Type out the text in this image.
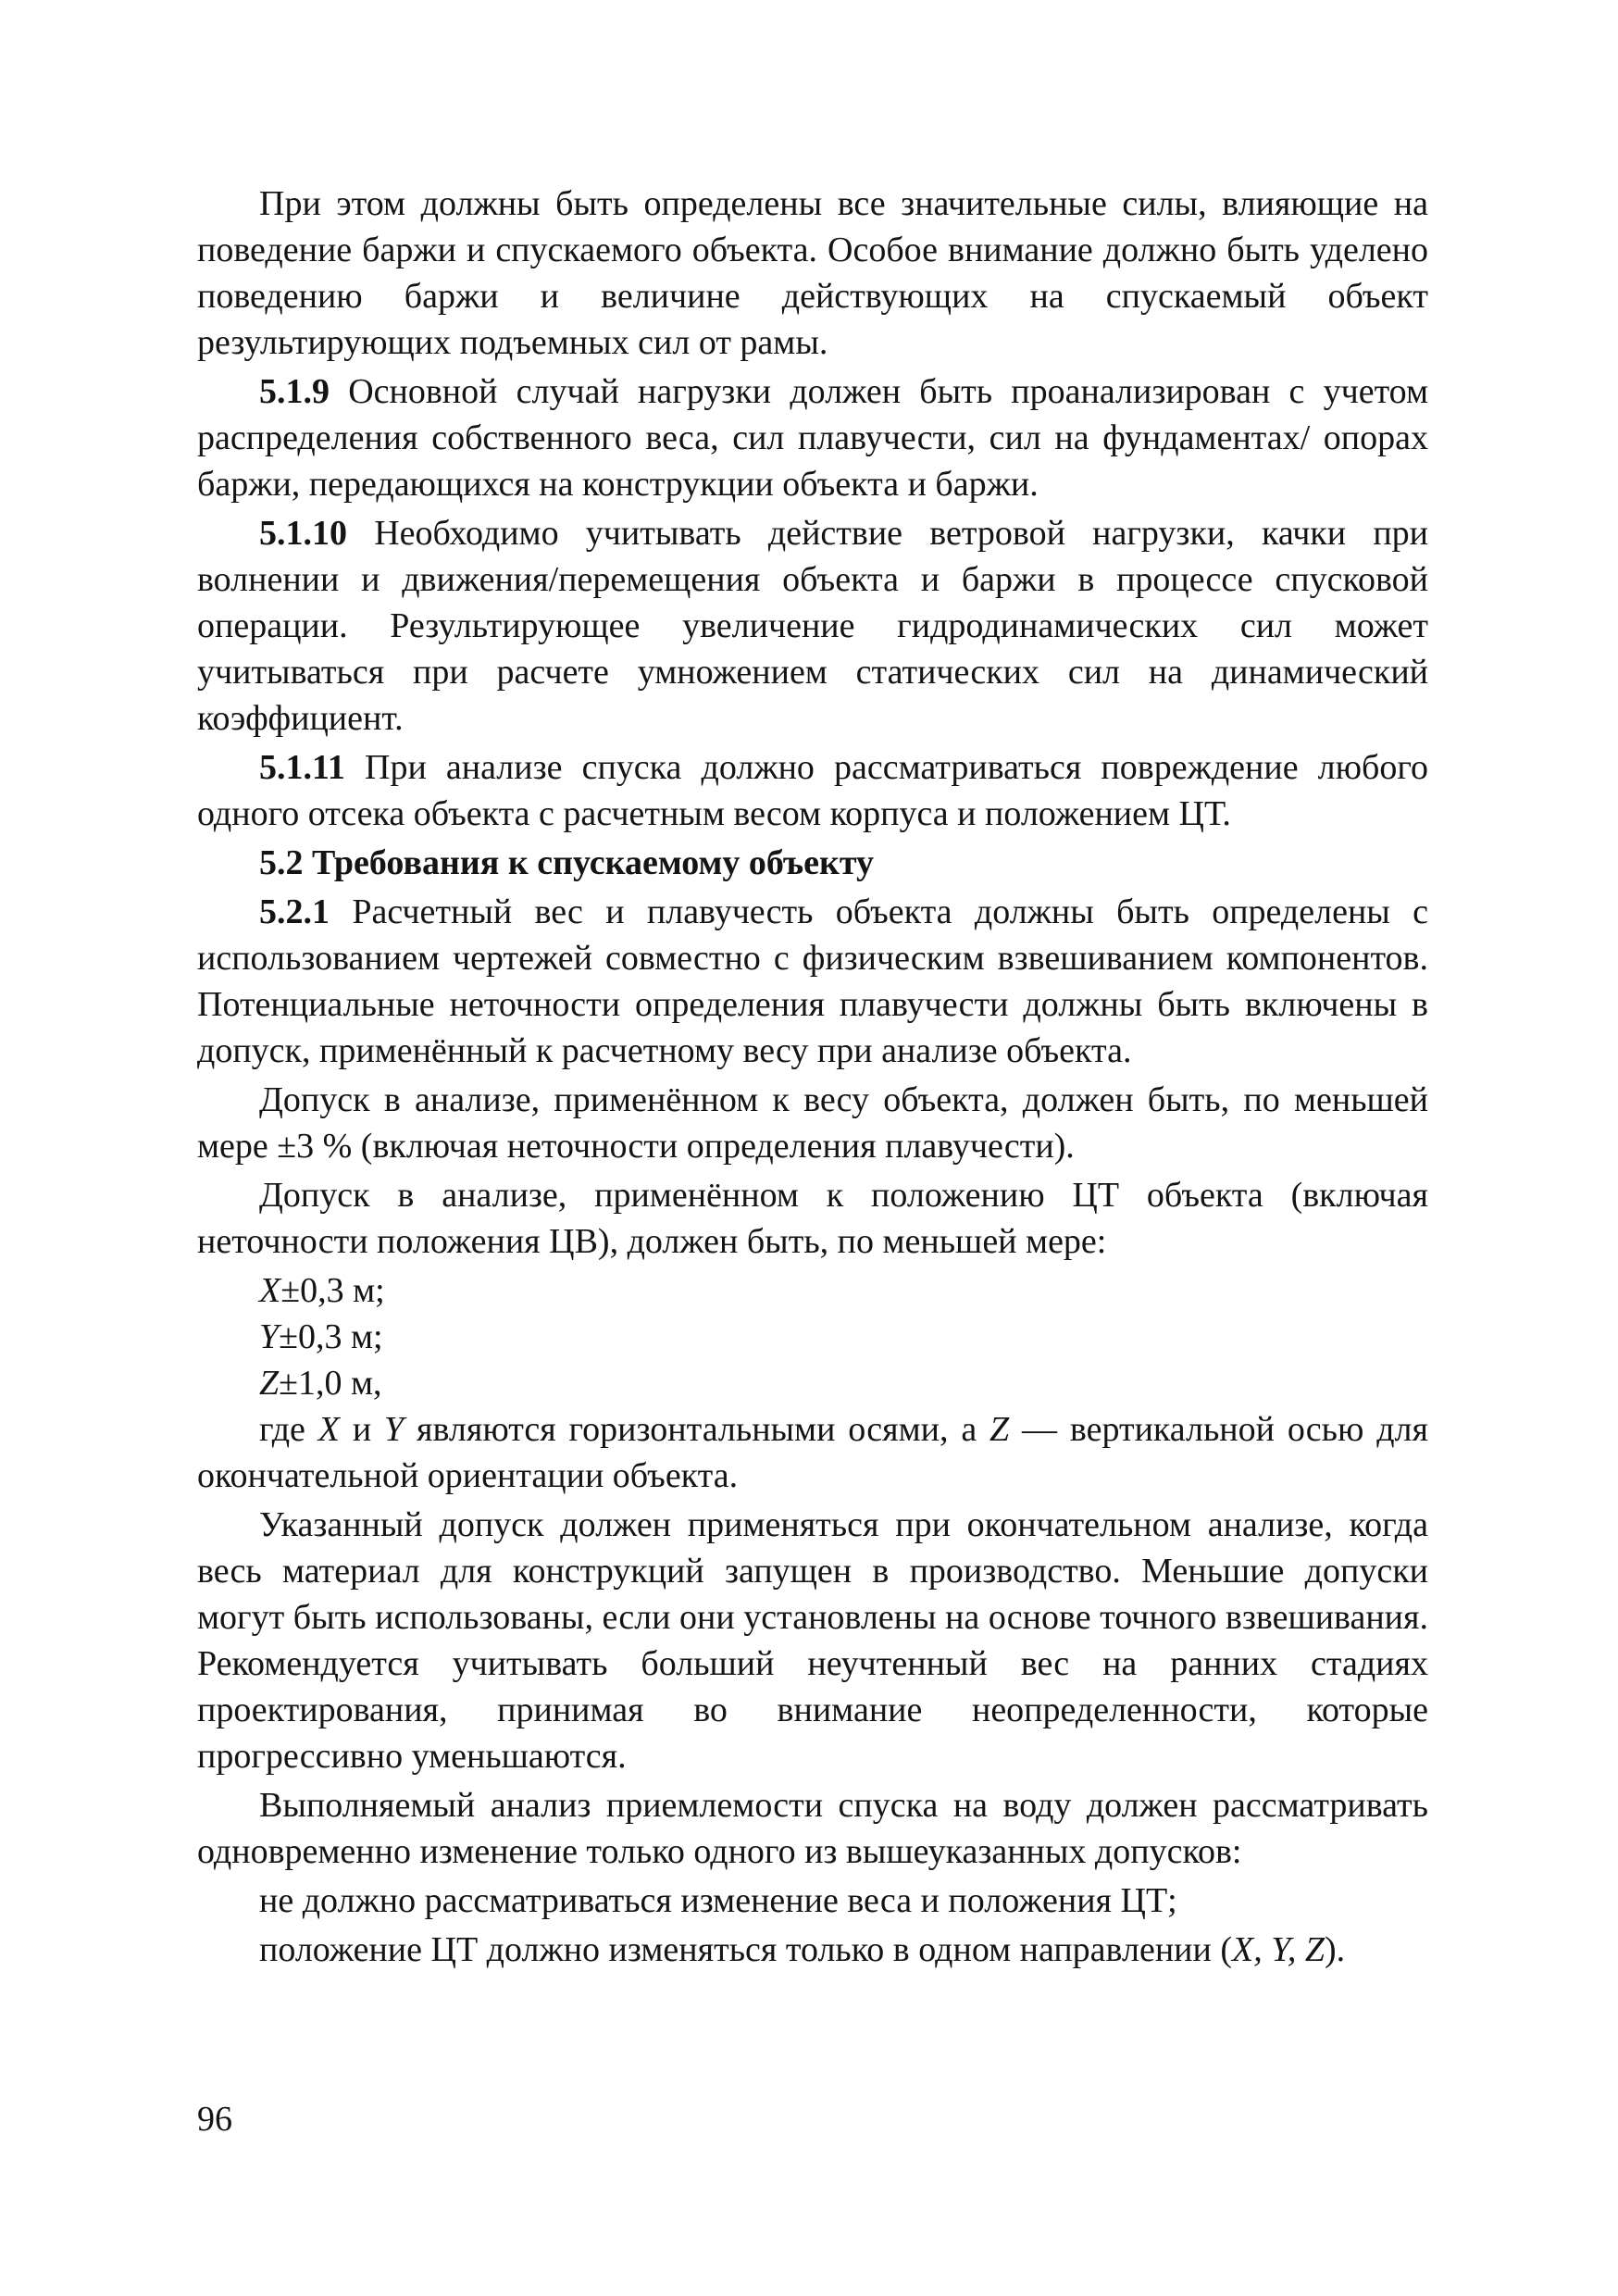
При этом должны быть определены все значительные силы, влияющие на поведение баржи и спускаемого объекта. Особое внимание должно быть уделено поведению баржи и величине действующих на спускаемый объект результирующих подъемных сил от рамы.

5.1.9 Основной случай нагрузки должен быть проанализирован с учетом распределения собственного веса, сил плавучести, сил на фундаментах/ опорах баржи, передающихся на конструкции объекта и баржи.

5.1.10 Необходимо учитывать действие ветровой нагрузки, качки при волнении и движения/перемещения объекта и баржи в процессе спусковой операции. Результирующее увеличение гидродинамических сил может учитываться при расчете умножением статических сил на динамический коэффициент.

5.1.11 При анализе спуска должно рассматриваться повреждение любого одного отсека объекта с расчетным весом корпуса и положением ЦТ.

5.2 Требования к спускаемому объекту

5.2.1 Расчетный вес и плавучесть объекта должны быть определены с использованием чертежей совместно с физическим взвешиванием компонентов. Потенциальные неточности определения плавучести должны быть включены в допуск, применённый к расчетному весу при анализе объекта.

Допуск в анализе, применённом к весу объекта, должен быть, по меньшей мере ±3 % (включая неточности определения плавучести).

Допуск в анализе, применённом к положению ЦТ объекта (включая неточности положения ЦВ), должен быть, по меньшей мере:

X±0,3 м;

Y±0,3 м;

Z±1,0 м,

где X и Y являются горизонтальными осями, а Z — вертикальной осью для окончательной ориентации объекта.

Указанный допуск должен применяться при окончательном анализе, когда весь материал для конструкций запущен в производство. Меньшие допуски могут быть использованы, если они установлены на основе точного взвешивания. Рекомендуется учитывать больший неучтенный вес на ранних стадиях проектирования, принимая во внимание неопределенности, которые прогрессивно уменьшаются.

Выполняемый анализ приемлемости спуска на воду должен рассматривать одновременно изменение только одного из вышеуказанных допусков:

не должно рассматриваться изменение веса и положения ЦТ;

положение ЦТ должно изменяться только в одном направлении (X, Y, Z).

96
